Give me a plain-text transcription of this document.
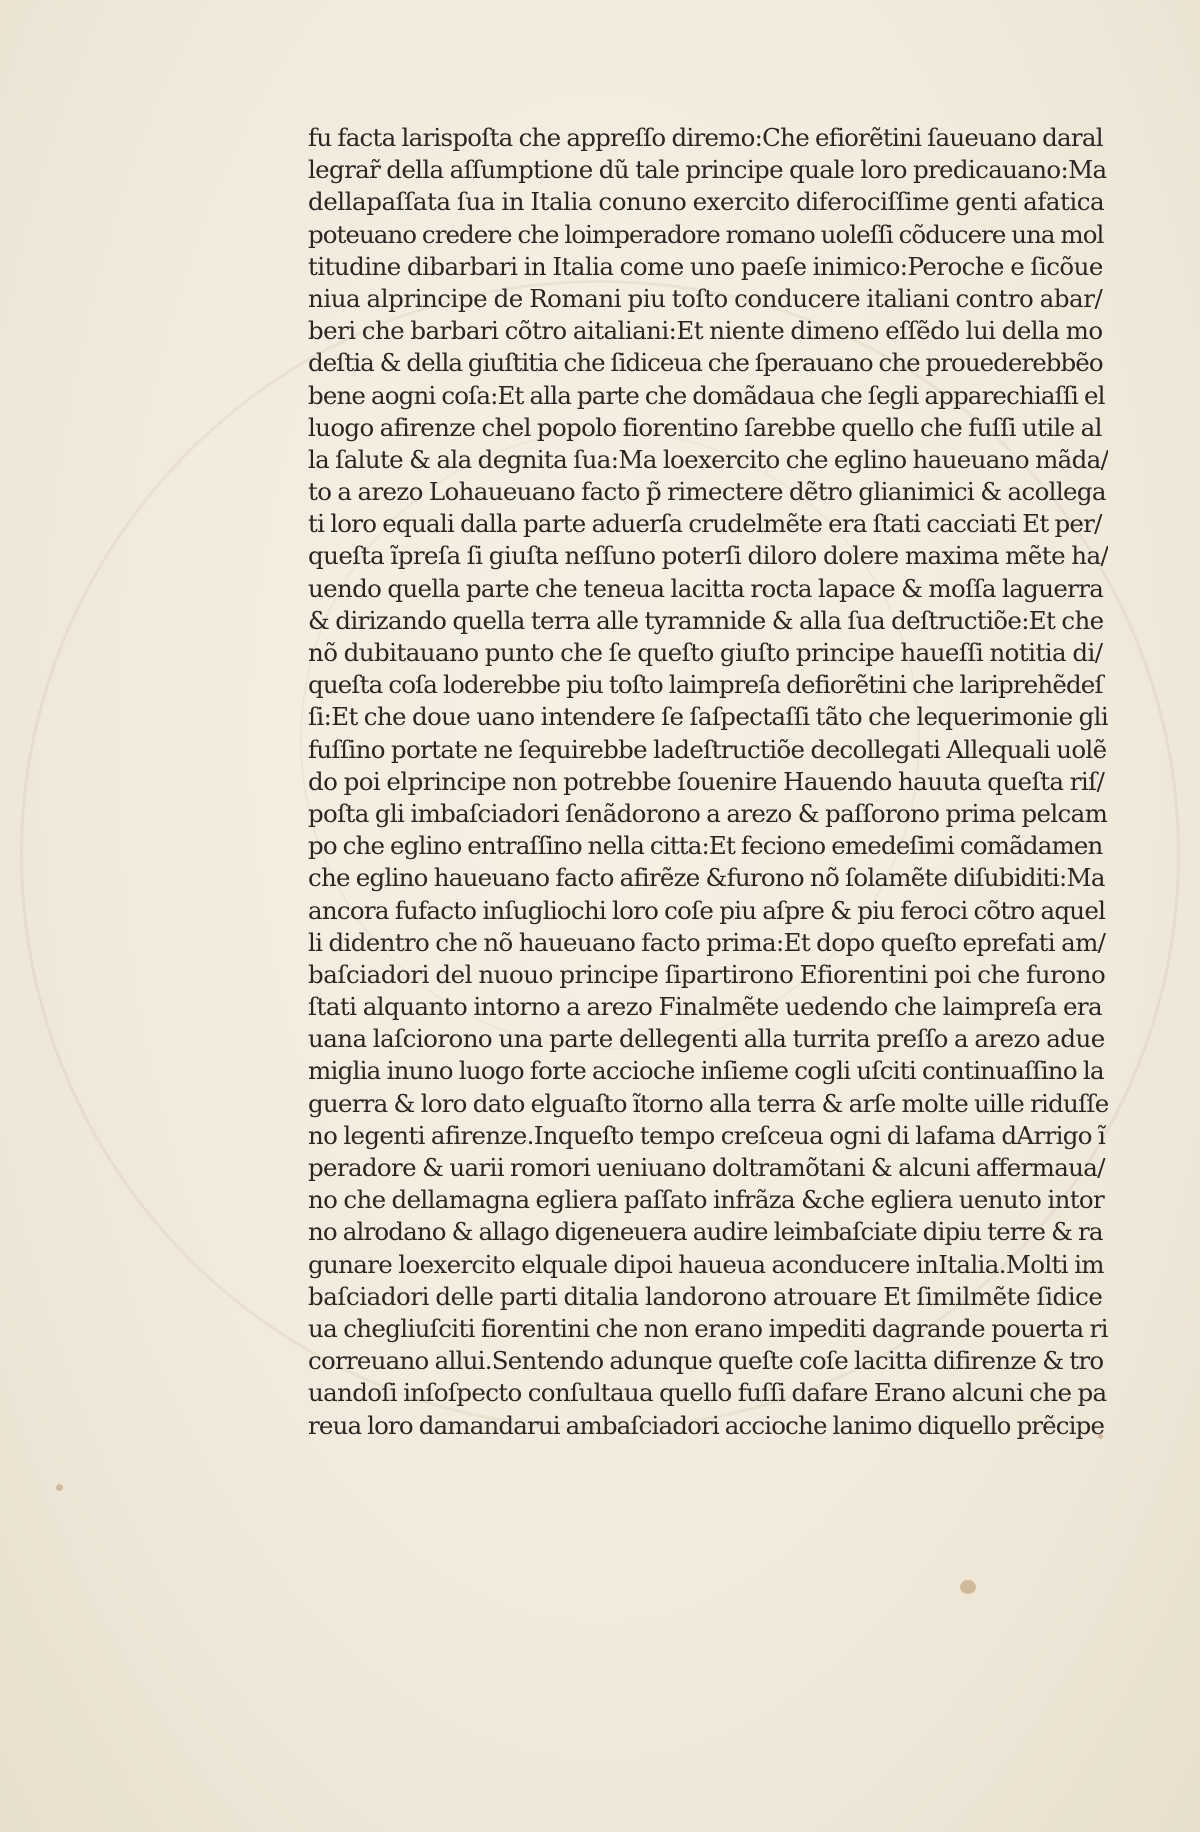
fu facta larispoſta che appreſſo diremo:Che efiorẽtini ſaueuano daral
legrar̃ della aſſumptione dũ tale principe quale loro predicauano:Ma
dellapaſſata ſua in Italia conuno exercito diferociſſime genti afatica
poteuano credere che loimperadore romano uoleſſi cõducere una mol
titudine dibarbari in Italia come uno paeſe inimico:Peroche e ſicõue
niua alprincipe de Romani piu toſto conducere italiani contro abar/
beri che barbari cõtro aitaliani:Et niente dimeno eſſẽdo lui della mo
deſtia & della giuſtitia che ſidiceua che ſperauano che prouederebbẽo
bene aogni coſa:Et alla parte che domãdaua che ſegli apparechiaſſi el
luogo afirenze chel popolo fiorentino ſarebbe quello che fuſſi utile al
la ſalute & ala degnita ſua:Ma loexercito che eglino haueuano mãda/
to a arezo Lohaueuano facto p̃ rimectere dẽtro glianimici & acollega
ti loro equali dalla parte aduerſa crudelmẽte era ſtati cacciati Et per/
queſta ĩpreſa ſi giuſta neſſuno poterſi diloro dolere maxima mẽte ha/
uendo quella parte che teneua lacitta rocta lapace & moſſa laguerra
& dirizando quella terra alle tyramnide & alla ſua deſtructiõe:Et che
nõ dubitauano punto che ſe queſto giuſto principe haueſſi notitia di/
queſta coſa loderebbe piu toſto laimpreſa defiorẽtini che lariprehẽdeſ
ſi:Et che doue uano intendere ſe ſaſpectaſſi tãto che lequerimonie gli
fuſſino portate ne ſequirebbe ladeſtructiõe decollegati Allequali uolẽ
do poi elprincipe non potrebbe ſouenire Hauendo hauuta queſta riſ/
poſta gli imbaſciadori ſenãdorono a arezo & paſſorono prima pelcam
po che eglino entraſſino nella citta:Et feciono emedeſimi comãdamen
che eglino haueuano facto afirẽze &furono nõ ſolamẽte diſubiditi:Ma
ancora fufacto inſugliochi loro coſe piu aſpre & piu feroci cõtro aquel
li didentro che nõ haueuano facto prima:Et dopo queſto eprefati am/
baſciadori del nuouo principe ſipartirono Efiorentini poi che furono
ſtati alquanto intorno a arezo Finalmẽte uedendo che laimpreſa era
uana laſciorono una parte dellegenti alla turrita preſſo a arezo adue
miglia inuno luogo forte accioche inſieme cogli uſciti continuaſſino la
guerra & loro dato elguaſto ĩtorno alla terra & arſe molte uille riduſſe
no legenti afirenze.Inqueſto tempo creſceua ogni di lafama dArrigo ĩ
peradore & uarii romori ueniuano doltramõtani & alcuni affermaua/
no che dellamagna egliera paſſato infrãza &che egliera uenuto intor
no alrodano & allago digeneuera audire leimbaſciate dipiu terre & ra
gunare loexercito elquale dipoi haueua aconducere inItalia.Molti im
baſciadori delle parti ditalia landorono atrouare Et ſimilmẽte ſidice
ua chegliuſciti fiorentini che non erano impediti dagrande pouerta ri
correuano allui.Sentendo adunque queſte coſe lacitta difirenze & tro
uandoſi inſoſpecto conſultaua quello fuſſi dafare Erano alcuni che pa
reua loro damandarui ambaſciadori accioche lanimo diquello prẽcipe
